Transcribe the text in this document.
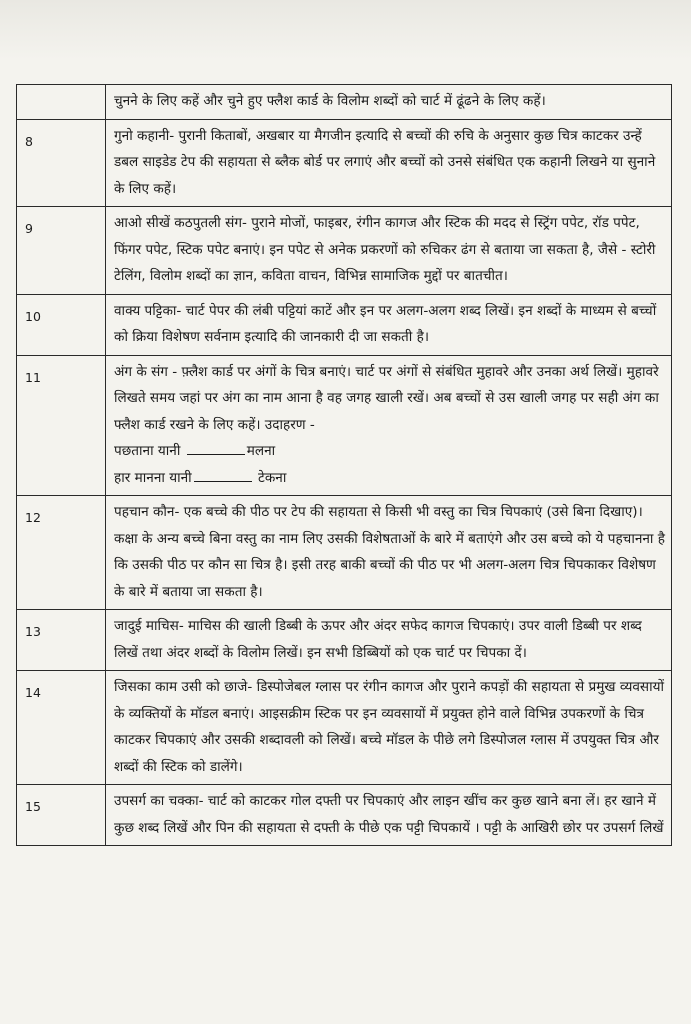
	चुनने के लिए कहें और चुने हुए फ्लैश कार्ड के विलोम शब्दों को चार्ट में ढूंढने के लिए कहें।
8	गुनो कहानी- पुरानी किताबों, अखबार या मैगजीन इत्यादि से बच्चों की रुचि के अनुसार कुछ चित्र काटकर उन्हें डबल साइडेड टेप की सहायता से ब्लैक बोर्ड पर लगाएं और बच्चों को उनसे संबंधित एक कहानी लिखने या सुनाने के लिए कहें।
9	आओ सीखें कठपुतली संग- पुराने मोजों, फाइबर, रंगीन कागज और स्टिक की मदद से स्ट्रिंग पपेट, रॉड पपेट, फिंगर पपेट, स्टिक पपेट बनाएं। इन पपेट से अनेक प्रकरणों को रुचिकर ढंग से बताया जा सकता है, जैसे - स्टोरी टेलिंग, विलोम शब्दों का ज्ञान, कविता वाचन, विभिन्न सामाजिक मुद्दों पर बातचीत।
10	वाक्य पट्टिका- चार्ट पेपर की लंबी पट्टियां काटें और इन पर अलग-अलग शब्द लिखें। इन शब्दों के माध्यम से बच्चों को क्रिया विशेषण सर्वनाम इत्यादि की जानकारी दी जा सकती है।
11	अंग के संग - फ़्लैश कार्ड पर अंगों के चित्र बनाएं। चार्ट पर अंगों से संबंधित मुहावरे और उनका अर्थ लिखें। मुहावरे लिखते समय जहां पर अंग का नाम आना है वह जगह खाली रखें। अब बच्चों से उस खाली जगह पर सही अंग का फ्लैश कार्ड रखने के लिए कहें। उदाहरण -
पछताना यानी मलना
हार मानना यानी टेकना

12	पहचान कौन- एक बच्चे की पीठ पर टेप की सहायता से किसी भी वस्तु का चित्र चिपकाएं (उसे बिना दिखाए)। कक्षा के अन्य बच्चे बिना वस्तु का नाम लिए उसकी विशेषताओं के बारे में बताएंगे और उस बच्चे को ये पहचानना है कि उसकी पीठ पर कौन सा चित्र है। इसी तरह बाकी बच्चों की पीठ पर भी अलग-अलग चित्र चिपकाकर विशेषण के बारे में बताया जा सकता है।
13	जादुई माचिस- माचिस की खाली डिब्बी के ऊपर और अंदर सफेद कागज चिपकाएं। उपर वाली डिब्बी पर शब्द लिखें तथा अंदर शब्दों के विलोम लिखें। इन सभी डिब्बियों को एक चार्ट पर चिपका दें।
14	जिसका काम उसी को छाजे- डिस्पोजेबल ग्लास पर रंगीन कागज और पुराने कपड़ों की सहायता से प्रमुख व्यवसायों के व्यक्तियों के मॉडल बनाएं। आइसक्रीम स्टिक पर इन व्यवसायों में प्रयुक्त होने वाले विभिन्न उपकरणों के चित्र काटकर चिपकाएं और उसकी शब्दावली को लिखें। बच्चे मॉडल के पीछे लगे डिस्पोजल ग्लास में उपयुक्त चित्र और शब्दों की स्टिक को डालेंगे।
15	उपसर्ग का चक्का- चार्ट को काटकर गोल दफ्ती पर चिपकाएं और लाइन खींच कर कुछ खाने बना लें। हर खाने में कुछ शब्द लिखें और पिन की सहायता से दफ्ती के पीछे एक पट्टी चिपकायें । पट्टी के आखिरी छोर पर उपसर्ग लिखें
